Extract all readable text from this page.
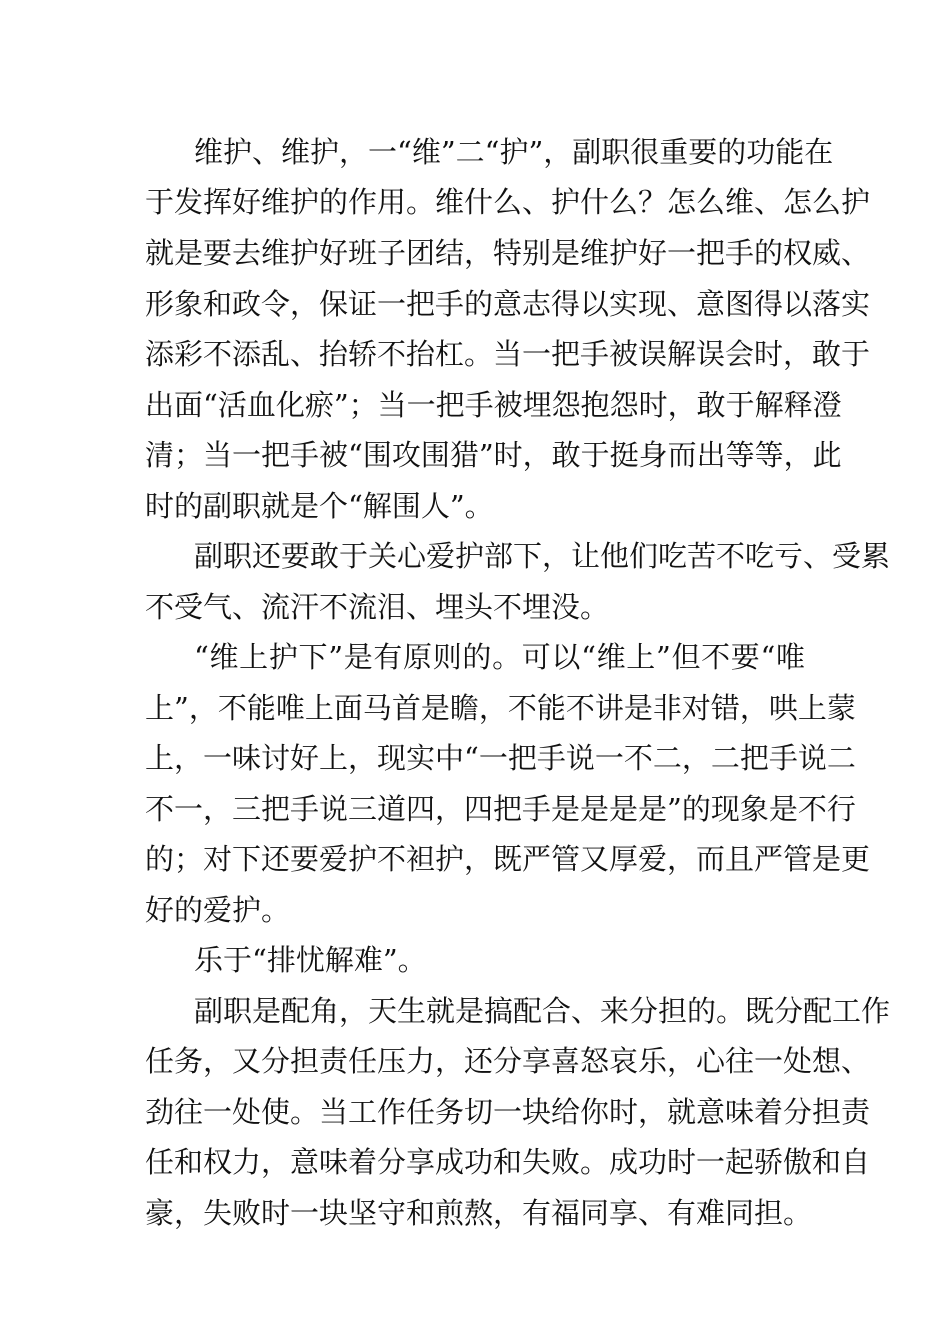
维护、维护，一“维”二“护”，副职很重要的功能在
于发挥好维护的作用。维什么、护什么？怎么维、怎么护
就是要去维护好班子团结，特别是维护好一把手的权威、
形象和政令，保证一把手的意志得以实现、意图得以落实
添彩不添乱、抬轿不抬杠。当一把手被误解误会时，敢于
出面“活血化瘀”；当一把手被埋怨抱怨时，敢于解释澄
清；当一把手被“围攻围猎”时，敢于挺身而出等等，此
时的副职就是个“解围人”。
副职还要敢于关心爱护部下，让他们吃苦不吃亏、受累
不受气、流汗不流泪、埋头不埋没。
“维上护下”是有原则的。可以“维上”但不要“唯
上”，不能唯上面马首是瞻，不能不讲是非对错，哄上蒙
上，一味讨好上，现实中“一把手说一不二，二把手说二
不一，三把手说三道四，四把手是是是是”的现象是不行
的；对下还要爱护不袒护，既严管又厚爱，而且严管是更
好的爱护。
乐于“排忧解难”。
副职是配角，天生就是搞配合、来分担的。既分配工作
任务，又分担责任压力，还分享喜怒哀乐，心往一处想、
劲往一处使。当工作任务切一块给你时，就意味着分担责
任和权力，意味着分享成功和失败。成功时一起骄傲和自
豪，失败时一块坚守和煎熬，有福同享、有难同担。
